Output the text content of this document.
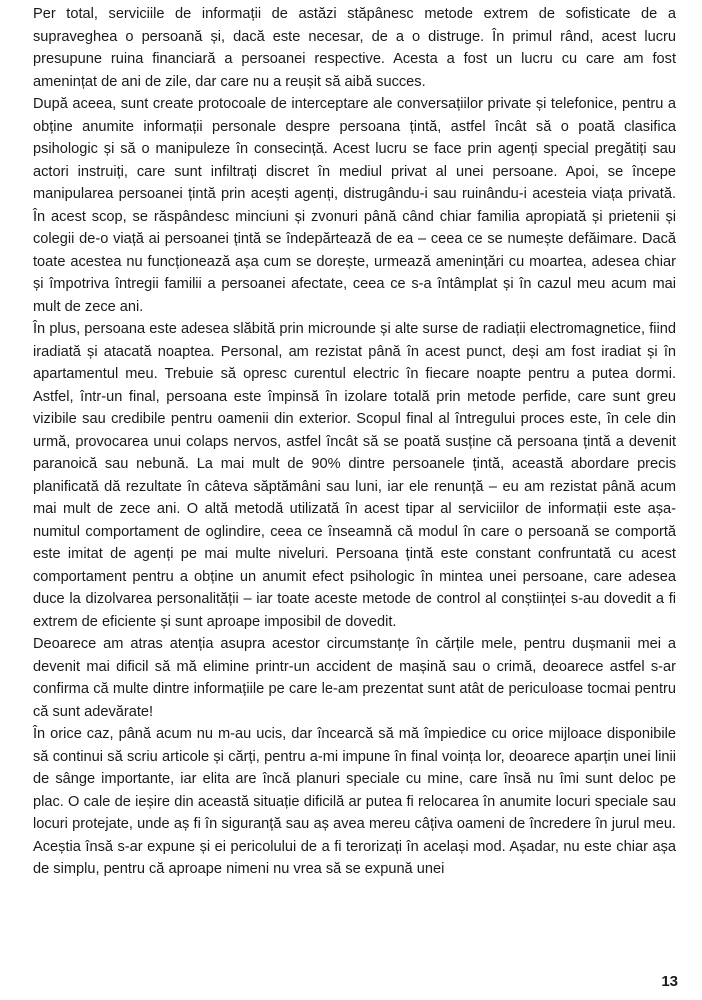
Per total, serviciile de informații de astăzi stăpânesc metode extrem de sofisticate de a supraveghea o persoană și, dacă este necesar, de a o distruge. În primul rând, acest lucru presupune ruina financiară a persoanei respective. Acesta a fost un lucru cu care am fost amenințat de ani de zile, dar care nu a reușit să aibă succes.

După aceea, sunt create protocoale de interceptare ale conversațiilor private și telefonice, pentru a obține anumite informații personale despre persoana țintă, astfel încât să o poată clasifica psihologic și să o manipuleze în consecință. Acest lucru se face prin agenți special pregătiți sau actori instruiți, care sunt infiltrați discret în mediul privat al unei persoane. Apoi, se începe manipularea persoanei țintă prin acești agenți, distrugându-i sau ruinându-i acesteia viața privată. În acest scop, se răspândesc minciuni și zvonuri până când chiar familia apropiată și prietenii și colegii de-o viață ai persoanei țintă se îndepărtează de ea – ceea ce se numește defăimare. Dacă toate acestea nu funcționează așa cum se dorește, urmează amenințări cu moartea, adesea chiar și împotriva întregii familii a persoanei afectate, ceea ce s-a întâmplat și în cazul meu acum mai mult de zece ani.

În plus, persoana este adesea slăbită prin microunde și alte surse de radiații electromagnetice, fiind iradiată și atacată noaptea. Personal, am rezistat până în acest punct, deși am fost iradiat și în apartamentul meu. Trebuie să opresc curentul electric în fiecare noapte pentru a putea dormi. Astfel, într-un final, persoana este împinsă în izolare totală prin metode perfide, care sunt greu vizibile sau credibile pentru oamenii din exterior. Scopul final al întregului proces este, în cele din urmă, provocarea unui colaps nervos, astfel încât să se poată susține că persoana țintă a devenit paranoică sau nebună. La mai mult de 90% dintre persoanele țintă, această abordare precis planificată dă rezultate în câteva săptămâni sau luni, iar ele renunță – eu am rezistat până acum mai mult de zece ani. O altă metodă utilizată în acest tipar al serviciilor de informații este așa-numitul comportament de oglindire, ceea ce înseamnă că modul în care o persoană se comportă este imitat de agenți pe mai multe niveluri. Persoana țintă este constant confruntată cu acest comportament pentru a obține un anumit efect psihologic în mintea unei persoane, care adesea duce la dizolvarea personalității – iar toate aceste metode de control al conștiinței s-au dovedit a fi extrem de eficiente și sunt aproape imposibil de dovedit.

Deoarece am atras atenția asupra acestor circumstanțe în cărțile mele, pentru dușmanii mei a devenit mai dificil să mă elimine printr-un accident de mașină sau o crimă, deoarece astfel s-ar confirma că multe dintre informațiile pe care le-am prezentat sunt atât de periculoase tocmai pentru că sunt adevărate!

În orice caz, până acum nu m-au ucis, dar încearcă să mă împiedice cu orice mijloace disponibile să continui să scriu articole și cărți, pentru a-mi impune în final voința lor, deoarece aparțin unei linii de sânge importante, iar elita are încă planuri speciale cu mine, care însă nu îmi sunt deloc pe plac. O cale de ieșire din această situație dificilă ar putea fi relocarea în anumite locuri speciale sau locuri protejate, unde aș fi în siguranță sau aș avea mereu câțiva oameni de încredere în jurul meu. Aceștia însă s-ar expune și ei pericolului de a fi terorizați în același mod. Așadar, nu este chiar așa de simplu, pentru că aproape nimeni nu vrea să se expună unei

13
